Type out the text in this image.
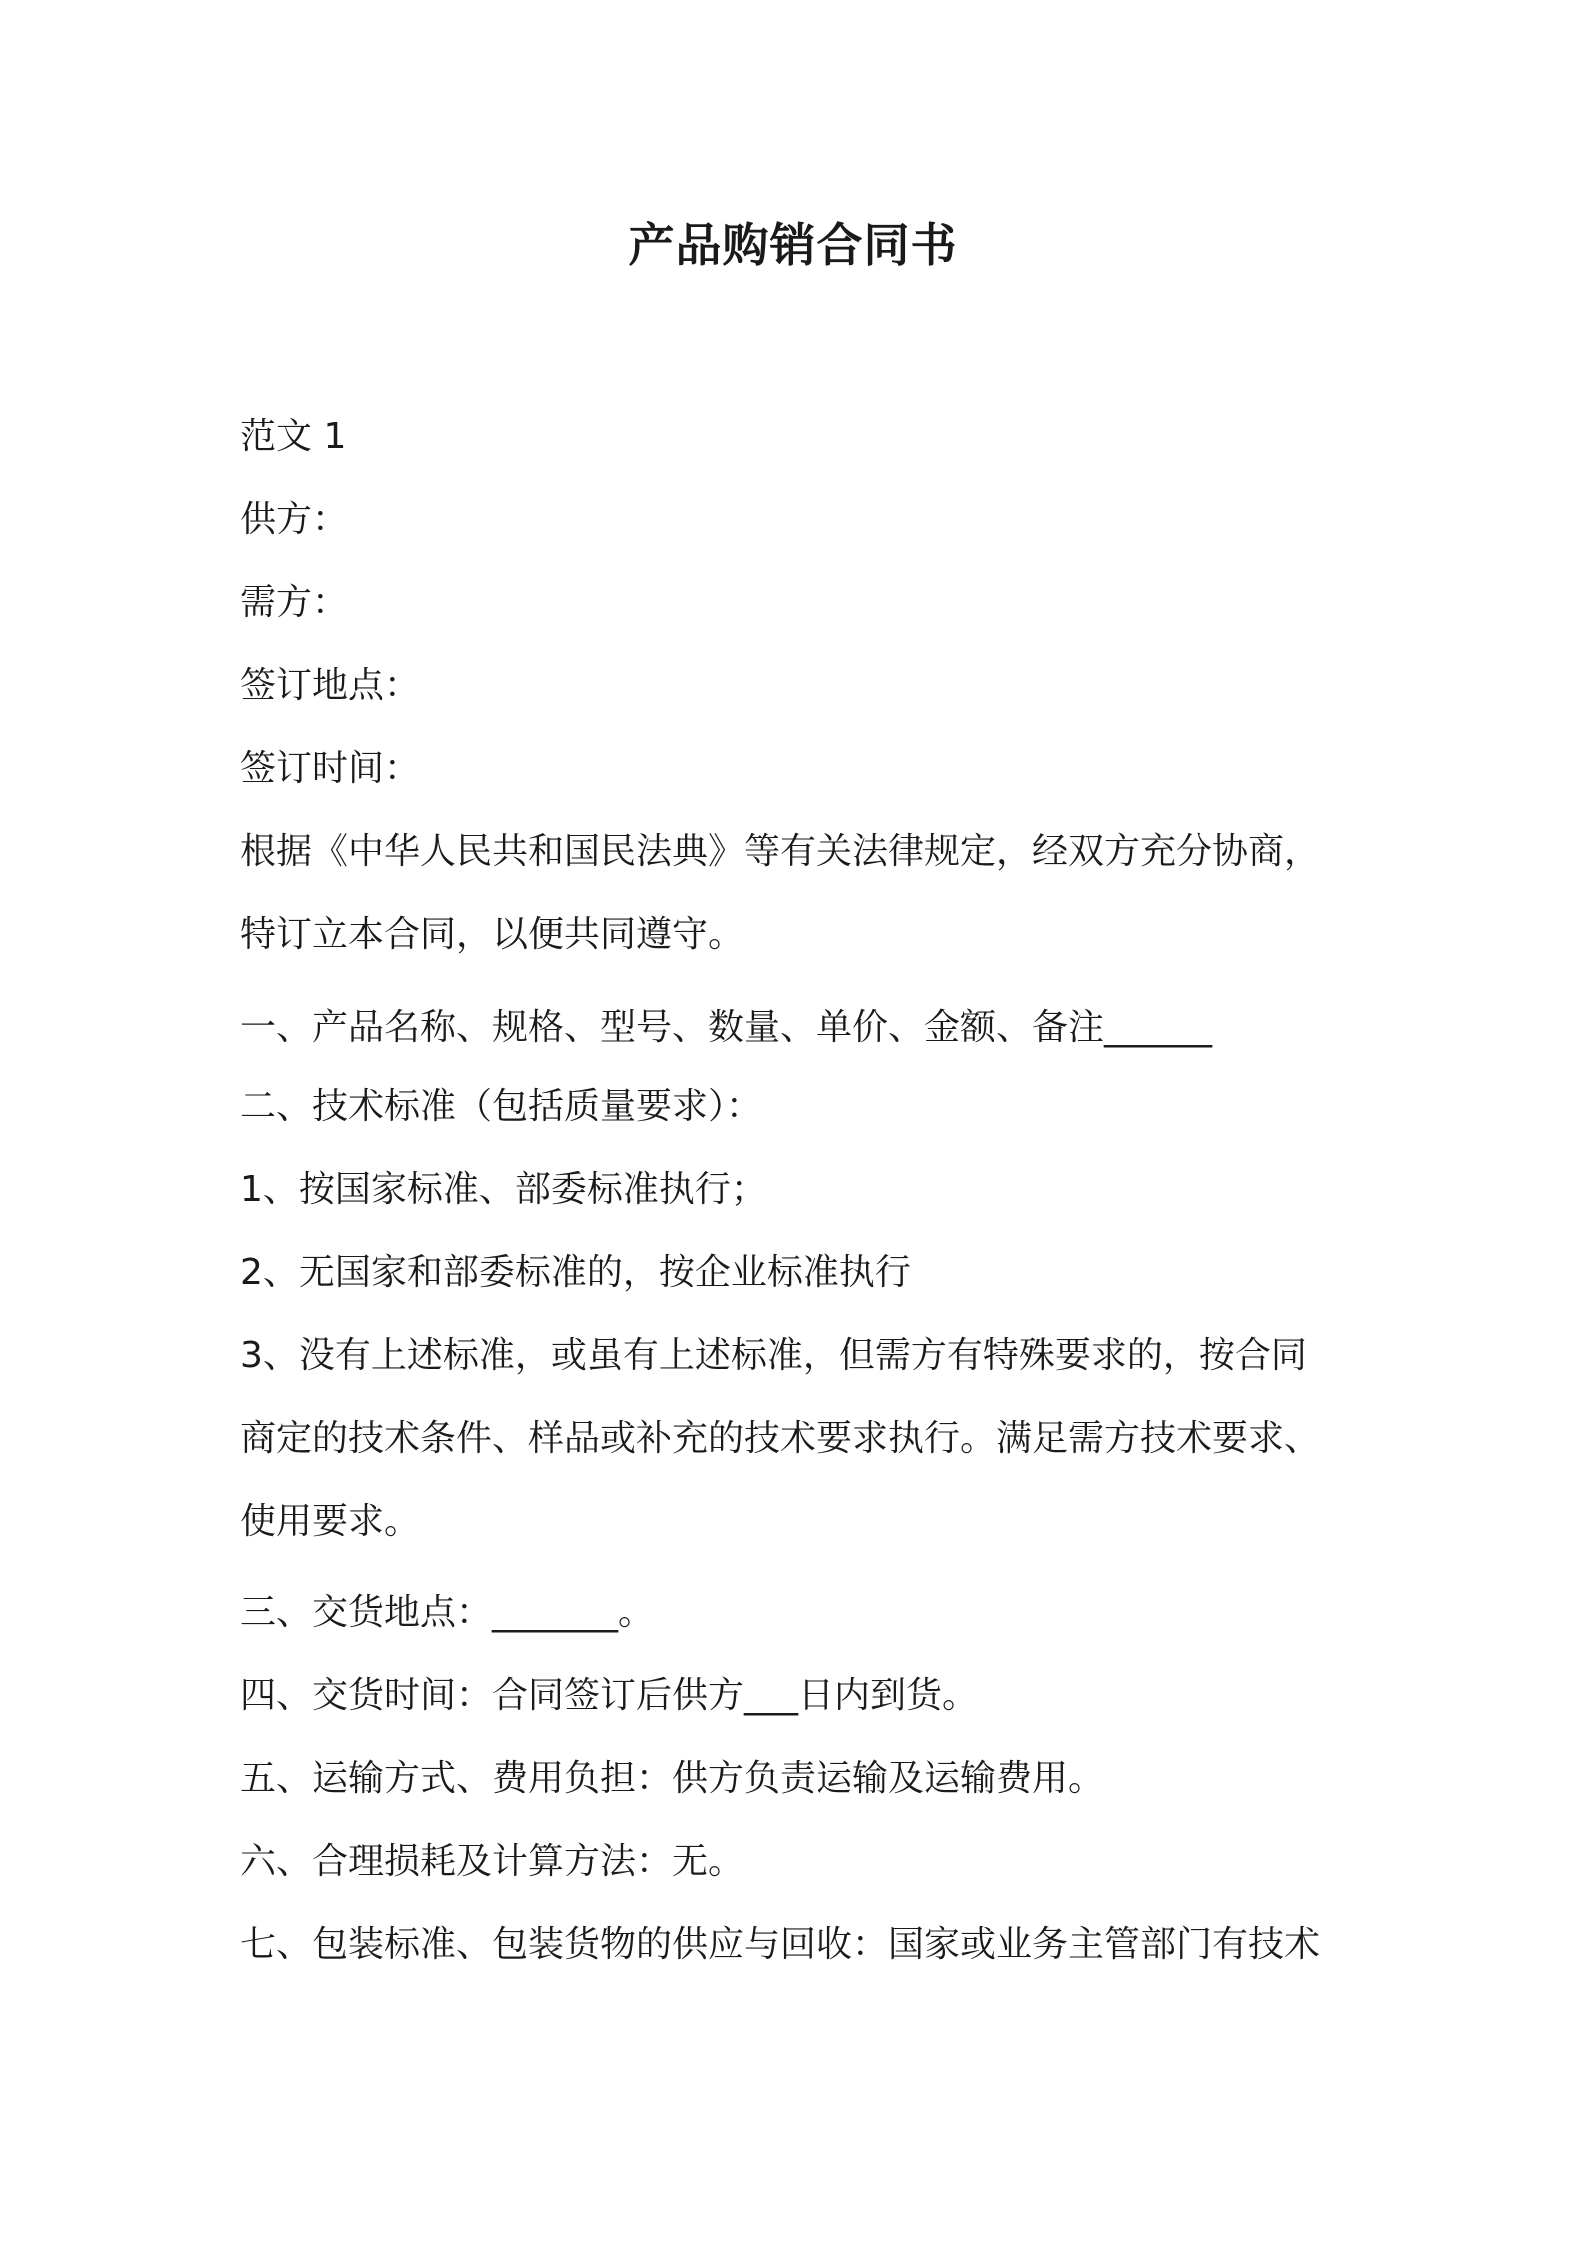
产品购销合同书
范文 1
供方：
需方：
签订地点：
签订时间：
根据《中华人民共和国民法典》等有关法律规定，经双方充分协商，
特订立本合同，以便共同遵守。
一、产品名称、规格、型号、数量、单价、金额、备注______
二、技术标准（包括质量要求）：
1、按国家标准、部委标准执行；
2、无国家和部委标准的，按企业标准执行
3、没有上述标准，或虽有上述标准，但需方有特殊要求的，按合同
商定的技术条件、样品或补充的技术要求执行。满足需方技术要求、
使用要求。
三、交货地点：_______。
四、交货时间：合同签订后供方___日内到货。
五、运输方式、费用负担：供方负责运输及运输费用。
六、合理损耗及计算方法：无。
七、包装标准、包装货物的供应与回收：国家或业务主管部门有技术
